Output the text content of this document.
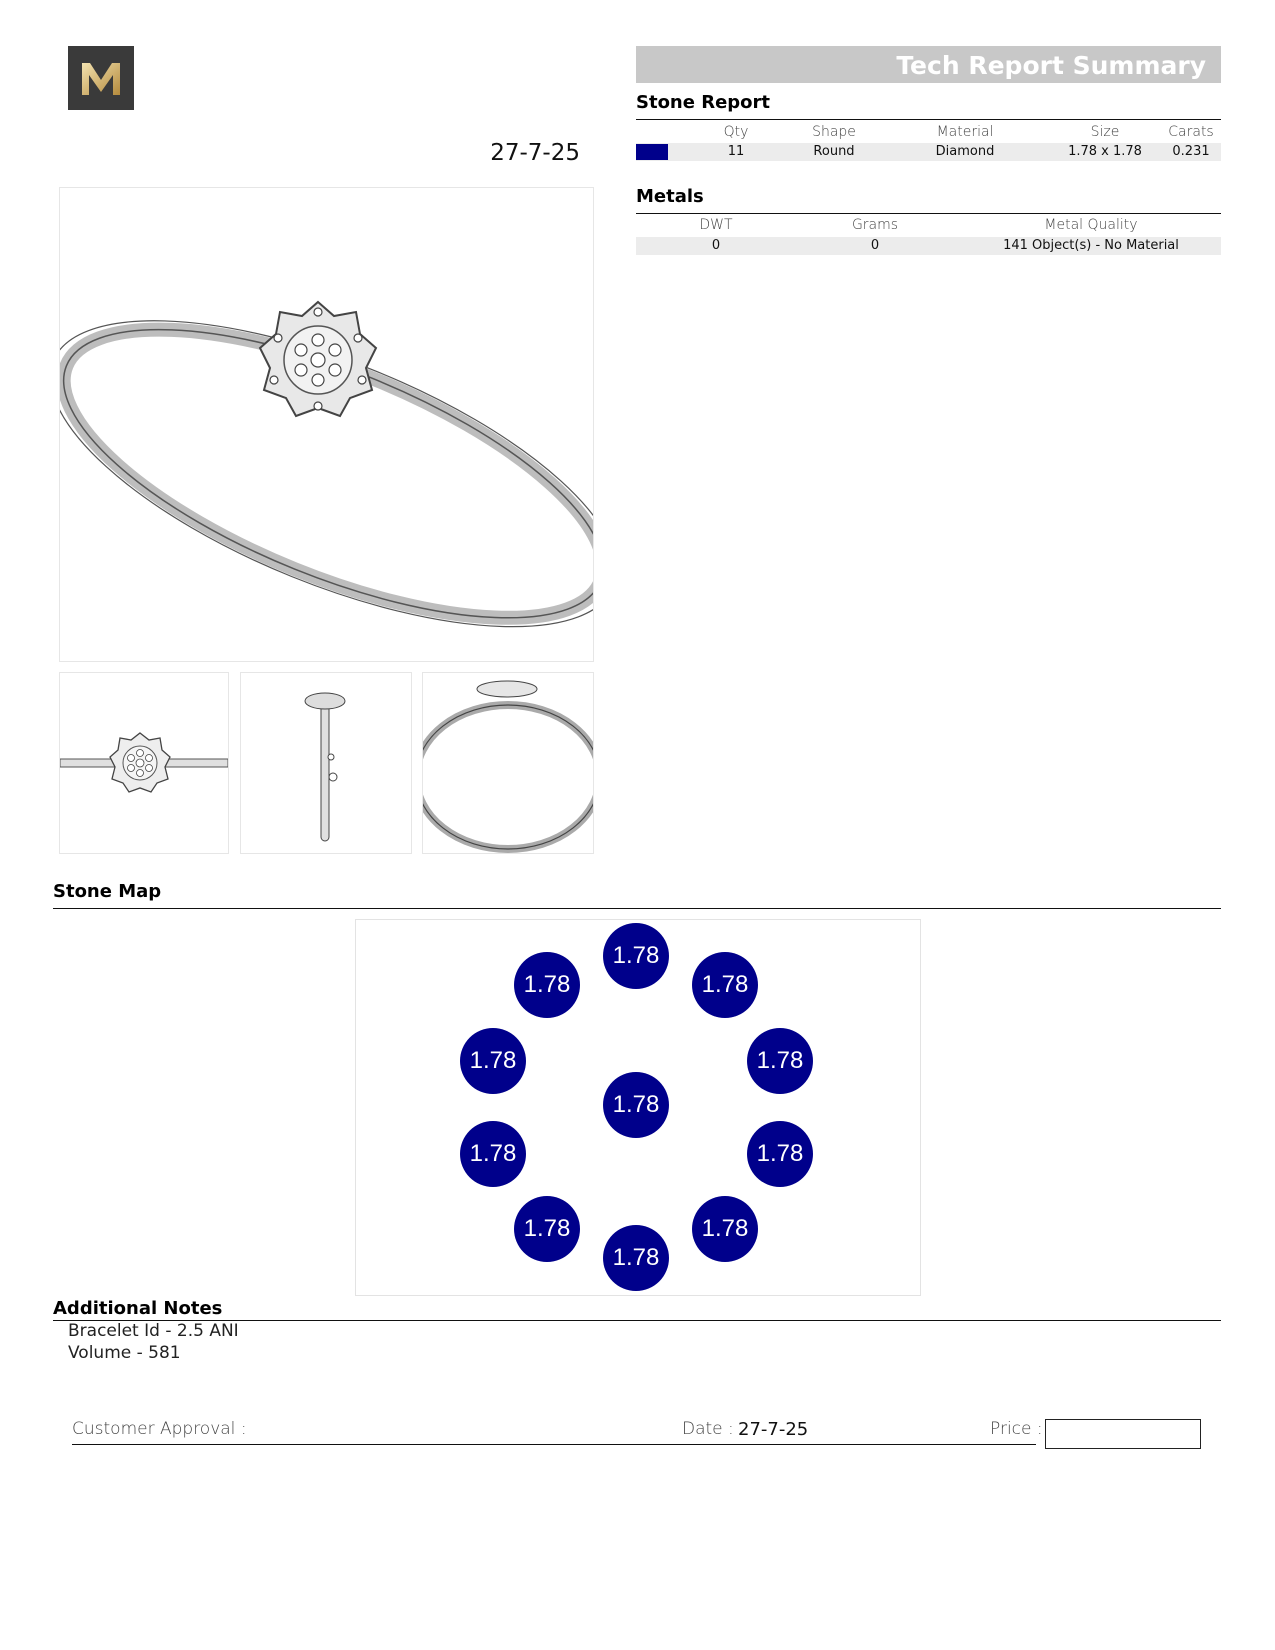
27-7-25
Tech Report Summary
Stone Report
Qty	Shape	Material	Size	Carats
11	Round	Diamond	1.78 x 1.78	0.231
Metals
DWT	Grams	Metal Quality
0	0	141 Object(s) - No Material
Stone Map
1.78
1.78	1.78
1.78	1.78
1.78
1.78	1.78
1.78	1.78
1.78
Additional Notes
Bracelet Id - 2.5 ANI
Volume - 581
Customer Approval :	Date : 27-7-25	Price :
